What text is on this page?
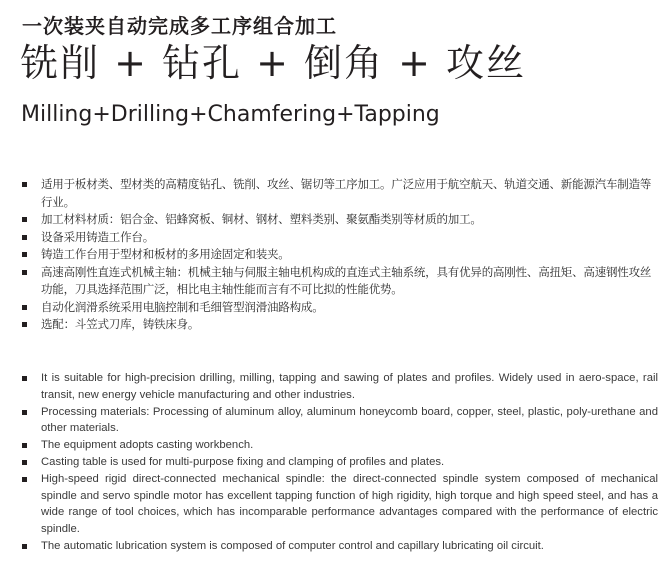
一次装夹自动完成多工序组合加工
铣削 + 钻孔 + 倒角 + 攻丝
Milling+Drilling+Chamfering+Tapping
适用于板材类、型材类的高精度钻孔、铣削、攻丝、锯切等工序加工。广泛应用于航空航天、轨道交通、新能源汽车制造等行业。
加工材料材质：铝合金、铝蜂窝板、铜材、钢材、塑料类别、聚氨酯类别等材质的加工。
设备采用铸造工作台。
铸造工作台用于型材和板材的多用途固定和装夹。
高速高刚性直连式机械主轴：机械主轴与伺服主轴电机构成的直连式主轴系统，具有优异的高刚性、高扭矩、高速钢性攻丝功能，刀具选择范围广泛，相比电主轴性能而言有不可比拟的性能优势。
自动化润滑系统采用电脑控制和毛细管型润滑油路构成。
选配：斗笠式刀库，铸铁床身。
It is suitable for high-precision drilling, milling, tapping and sawing of plates and profiles. Widely used in aero-space, rail transit, new energy vehicle manufacturing and other industries.
Processing materials: Processing of aluminum alloy, aluminum honeycomb board, copper, steel, plastic, poly-urethane and other materials.
The equipment adopts casting workbench.
Casting table is used for multi-purpose fixing and clamping of profiles and plates.
High-speed rigid direct-connected mechanical spindle: the direct-connected spindle system composed of mechanical spindle and servo spindle motor has excellent tapping function of high rigidity, high torque and high speed steel, and has a wide range of tool choices, which has incomparable performance advantages compared with the performance of electric spindle.
The automatic lubrication system is composed of computer control and capillary lubricating oil circuit.
